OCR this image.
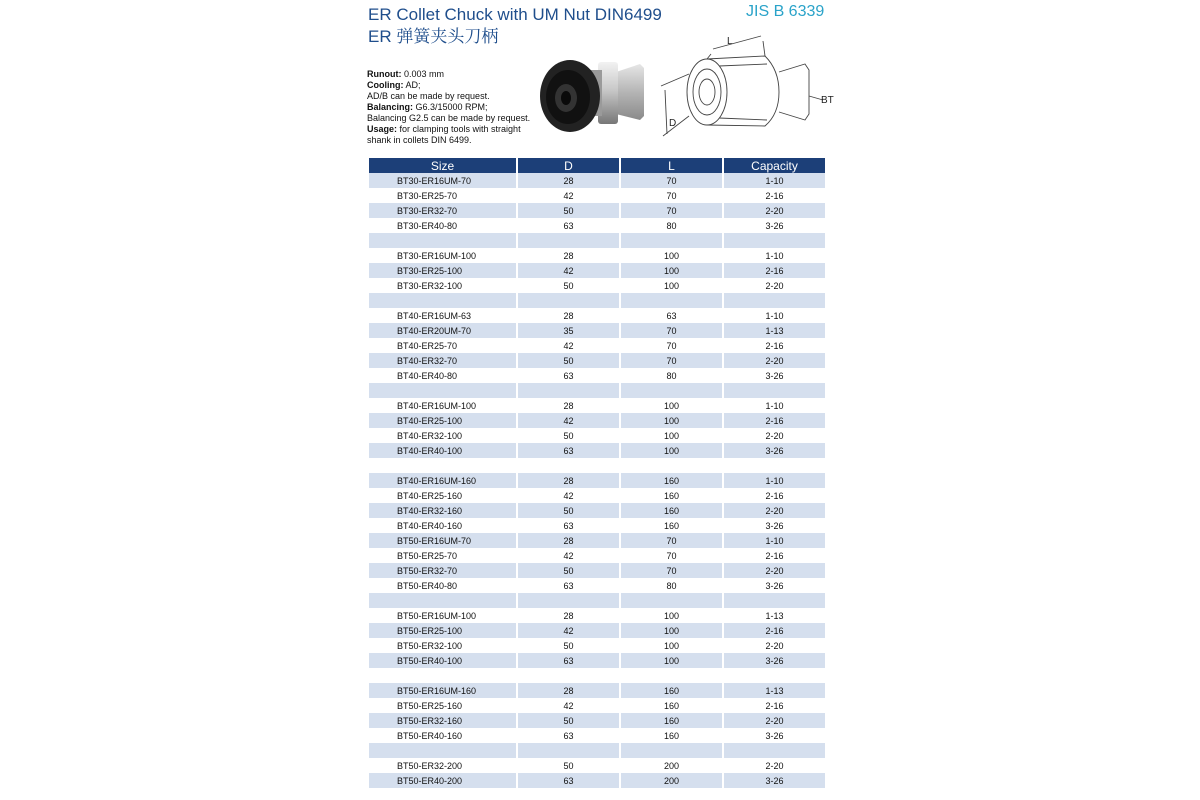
ER Collet Chuck with UM Nut DIN6499
ER 弹簧夹头刀柄
JIS B 6339
Runout: 0.003 mm
Cooling: AD;
AD/B can be made by request.
Balancing: G6.3/15000 RPM;
Balancing G2.5 can be made by request.
Usage: for clamping tools with straight shank in collets DIN 6499.
L
D
BT
Size	D	L	Capacity
BT30-ER16UM-70	28	70	1-10
BT30-ER25-70	42	70	2-16
BT30-ER32-70	50	70	2-20
BT30-ER40-80	63	80	3-26

BT30-ER16UM-100	28	100	1-10
BT30-ER25-100	42	100	2-16
BT30-ER32-100	50	100	2-20

BT40-ER16UM-63	28	63	1-10
BT40-ER20UM-70	35	70	1-13
BT40-ER25-70	42	70	2-16
BT40-ER32-70	50	70	2-20
BT40-ER40-80	63	80	3-26

BT40-ER16UM-100	28	100	1-10
BT40-ER25-100	42	100	2-16
BT40-ER32-100	50	100	2-20
BT40-ER40-100	63	100	3-26

BT40-ER16UM-160	28	160	1-10
BT40-ER25-160	42	160	2-16
BT40-ER32-160	50	160	2-20
BT40-ER40-160	63	160	3-26
BT50-ER16UM-70	28	70	1-10
BT50-ER25-70	42	70	2-16
BT50-ER32-70	50	70	2-20
BT50-ER40-80	63	80	3-26

BT50-ER16UM-100	28	100	1-13
BT50-ER25-100	42	100	2-16
BT50-ER32-100	50	100	2-20
BT50-ER40-100	63	100	3-26

BT50-ER16UM-160	28	160	1-13
BT50-ER25-160	42	160	2-16
BT50-ER32-160	50	160	2-20
BT50-ER40-160	63	160	3-26

BT50-ER32-200	50	200	2-20
BT50-ER40-200	63	200	3-26
